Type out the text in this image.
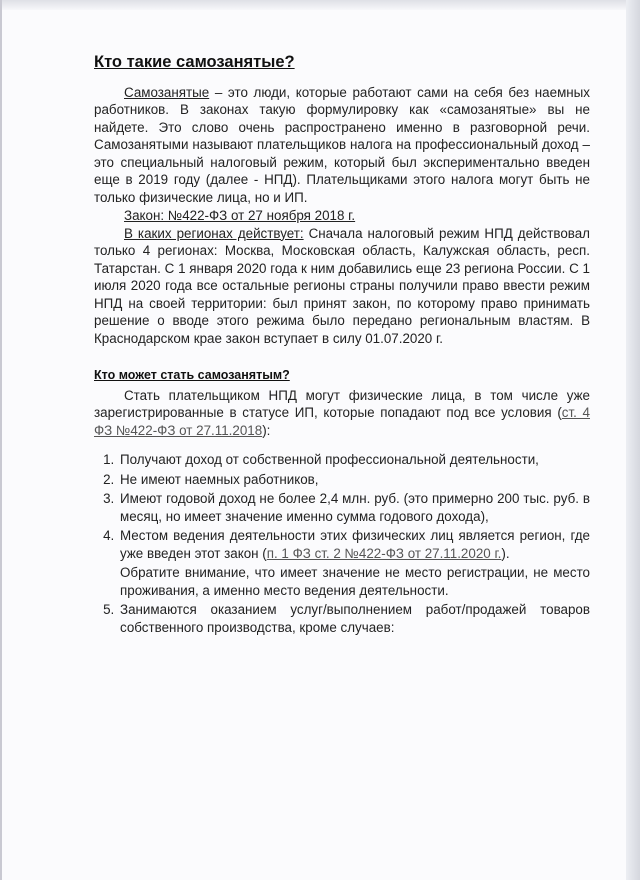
Кто такие самозанятые?

Самозанятые – это люди, которые работают сами на себя без наемных работников. В законах такую формулировку как «самозанятые» вы не найдете. Это слово очень распространено именно в разговорной речи. Самозанятыми называют плательщиков налога на профессиональный доход – это специальный налоговый режим, который был экспериментально введен еще в 2019 году (далее - НПД). Плательщиками этого налога могут быть не только физические лица, но и ИП.

Закон: №422-ФЗ от 27 ноября 2018 г.

В каких регионах действует: Сначала налоговый режим НПД действовал только 4 регионах: Москва, Московская область, Калужская область, респ. Татарстан. С 1 января 2020 года к ним добавились еще 23 региона России. С 1 июля 2020 года все остальные регионы страны получили право ввести режим НПД на своей территории: был принят закон, по которому право принимать решение о вводе этого режима было передано региональным властям. В Краснодарском крае закон вступает в силу 01.07.2020 г.

Кто может стать самозанятым?

Стать плательщиком НПД могут физические лица, в том числе уже зарегистрированные в статусе ИП, которые попадают под все условия (ст. 4 ФЗ №422-ФЗ от 27.11.2018):

1. Получают доход от собственной профессиональной деятельности,
2. Не имеют наемных работников,
3. Имеют годовой доход не более 2,4 млн. руб. (это примерно 200 тыс. руб. в месяц, но имеет значение именно сумма годового дохода),
4. Местом ведения деятельности этих физических лиц является регион, где уже введен этот закон (п. 1 ФЗ ст. 2 №422-ФЗ от 27.11.2020 г.).
Обратите внимание, что имеет значение не место регистрации, не место проживания, а именно место ведения деятельности.
5. Занимаются оказанием услуг/выполнением работ/продажей товаров собственного производства, кроме случаев:
